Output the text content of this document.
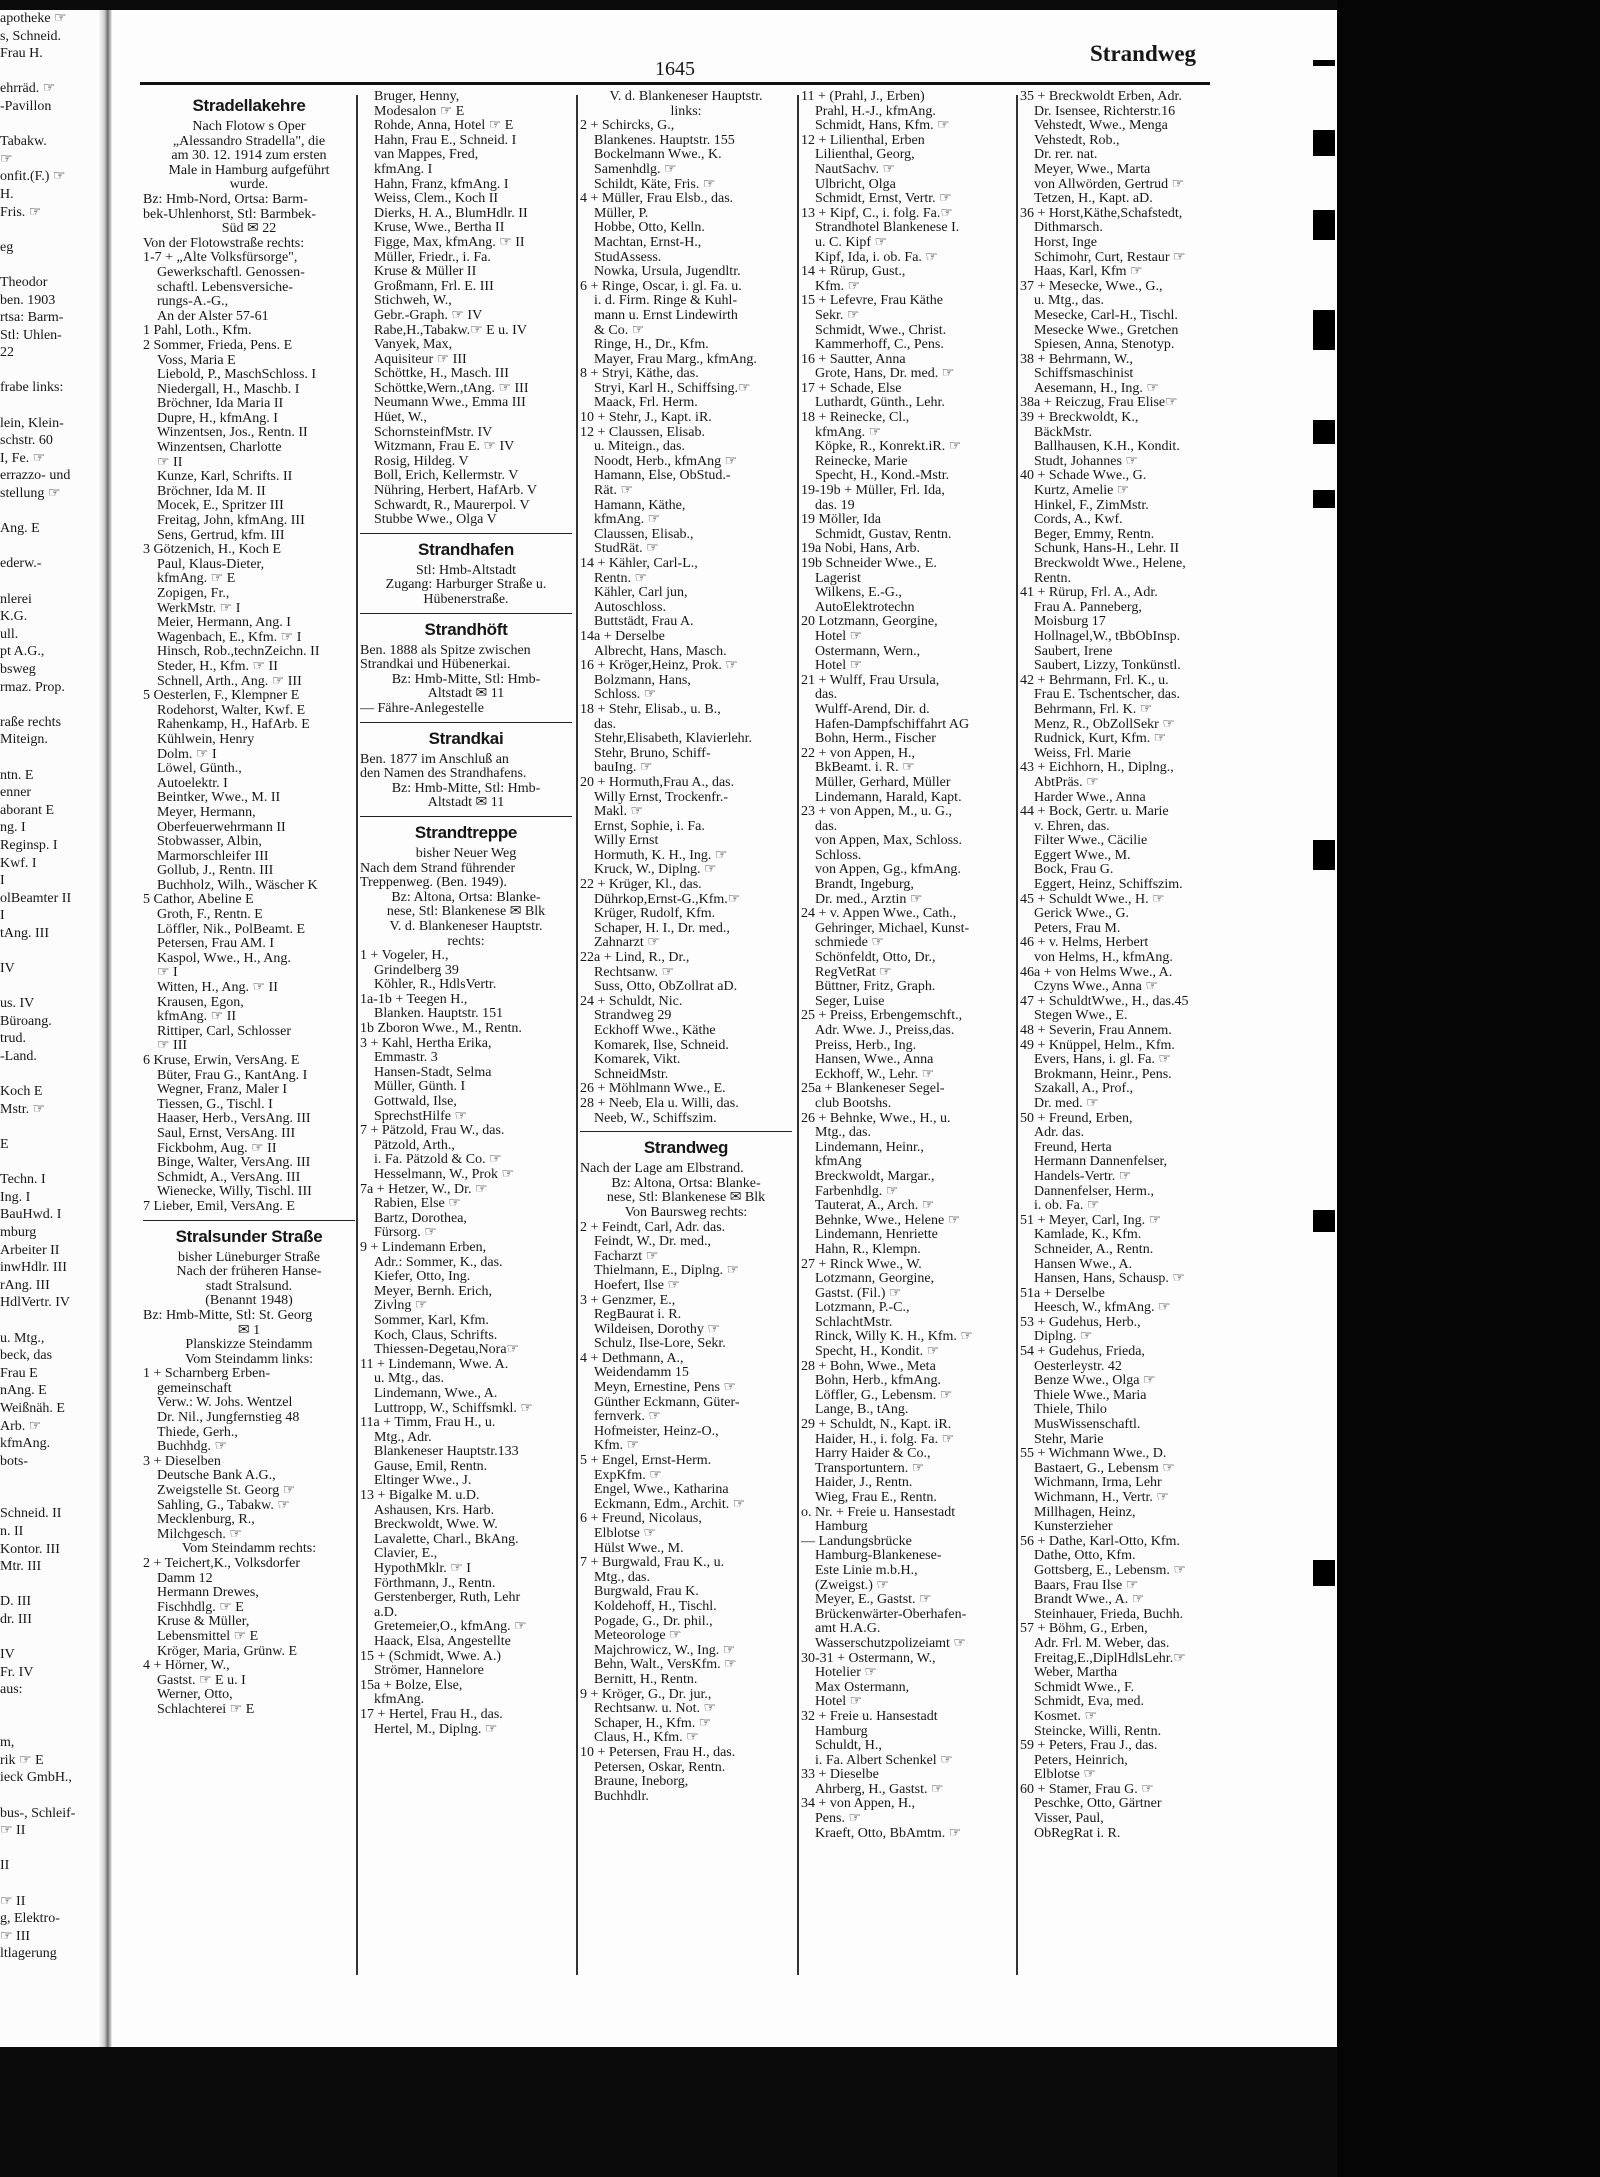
apotheke ☞
s, Schneid.
Frau H.
ehrräd. ☞
-Pavillon
Tabakw.
☞
onfit.(F.) ☞
H.
Fris. ☞
eg
Theodor
ben. 1903
rtsa: Barm-
Stl: Uhlen-
22
frabe links:
lein, Klein-
schstr. 60
I, Fe. ☞
errazzo- und
stellung ☞
Ang. E
ederw.-
nlerei
K.G.
ull.
pt A.G.,
bsweg
rmaz. Prop.
raße rechts
Miteign.
ntn. E
enner
aborant E
ng. I
Reginsp. I
Kwf. I
I
olBeamter II
I
tAng. III
IV
us. IV
Büroang.
trud.
-Land.
Koch E
Mstr. ☞
E
Techn. I
Ing. I
BauHwd. I
mburg
Arbeiter II
inwHdlr. III
rAng. III
HdlVertr. IV
u. Mtg.,
beck, das
Frau E
nAng. E
Weißnäh. E
Arb. ☞
kfmAng.
bots-
Schneid. II
n. II
Kontor. III
Mtr. III
D. III
dr. III
IV
Fr. IV
aus:
m,
rik ☞ E
ieck GmbH.,
bus-, Schleif-
☞ II
II
☞ II
g, Elektro-
☞ III
ltlagerung
1645
Strandweg
Stradellakehre
Nach Flotow s Oper
„Alessandro Stradella", die
am 30. 12. 1914 zum ersten
Male in Hamburg aufgeführt
wurde.
Bz: Hmb-Nord, Ortsa: Barm-
bek-Uhlenhorst, Stl: Barmbek-
Süd ✉ 22
Von der Flotowstraße rechts:
1-7 + „Alte Volksfürsorge",
Gewerkschaftl. Genossen-
schaftl. Lebensversiche-
rungs-A.-G.,
An der Alster 57-61
1 Pahl, Loth., Kfm.
2 Sommer, Frieda, Pens. E
Voss, Maria E
Liebold, P., MaschSchloss. I
Niedergall, H., Maschb. I
Bröchner, Ida Maria II
Dupre, H., kfmAng. I
Winzentsen, Jos., Rentn. II
Winzentsen, Charlotte
☞ II
Kunze, Karl, Schrifts. II
Bröchner, Ida M. II
Mocek, E., Spritzer III
Freitag, John, kfmAng. III
Sens, Gertrud, kfm. III
3 Götzenich, H., Koch E
Paul, Klaus-Dieter,
kfmAng. ☞ E
Zopigen, Fr.,
WerkMstr. ☞ I
Meier, Hermann, Ang. I
Wagenbach, E., Kfm. ☞ I
Hinsch, Rob.,technZeichn. II
Steder, H., Kfm. ☞ II
Schnell, Arth., Ang. ☞ III
5 Oesterlen, F., Klempner E
Rodehorst, Walter, Kwf. E
Rahenkamp, H., HafArb. E
Kühlwein, Henry
Dolm. ☞ I
Löwel, Günth.,
Autoelektr. I
Beintker, Wwe., M. II
Meyer, Hermann,
Oberfeuerwehrmann II
Stobwasser, Albin,
Marmorschleifer III
Gollub, J., Rentn. III
Buchholz, Wilh., Wäscher K
5 Cathor, Abeline E
Groth, F., Rentn. E
Löffler, Nik., PolBeamt. E
Petersen, Frau AM. I
Kaspol, Wwe., H., Ang.
☞ I
Witten, H., Ang. ☞ II
Krausen, Egon,
kfmAng. ☞ II
Rittiper, Carl, Schlosser
☞ III
6 Kruse, Erwin, VersAng. E
Büter, Frau G., KantAng. I
Wegner, Franz, Maler I
Tiessen, G., Tischl. I
Haaser, Herb., VersAng. III
Saul, Ernst, VersAng. III
Fickbohm, Aug. ☞ II
Binge, Walter, VersAng. III
Schmidt, A., VersAng. III
Wienecke, Willy, Tischl. III
7 Lieber, Emil, VersAng. E
Stralsunder Straße
bisher Lüneburger Straße
Nach der früheren Hanse-
stadt Stralsund.
(Benannt 1948)
Bz: Hmb-Mitte, Stl: St. Georg
✉ 1
Planskizze Steindamm
Vom Steindamm links:
1 + Scharnberg Erben-
gemeinschaft
Verw.: W. Johs. Wentzel
Dr. Nil., Jungfernstieg 48
Thiede, Gerh.,
Buchhdg. ☞
3 + Dieselben
Deutsche Bank A.G.,
Zweigstelle St. Georg ☞
Sahling, G., Tabakw. ☞
Mecklenburg, R.,
Milchgesch. ☞
Vom Steindamm rechts:
2 + Teichert,K., Volksdorfer
Damm 12
Hermann Drewes,
Fischhdlg. ☞ E
Kruse & Müller,
Lebensmittel ☞ E
Kröger, Maria, Grünw. E
4 + Hörner, W.,
Gastst. ☞ E u. I
Werner, Otto,
Schlachterei ☞ E
Bruger, Henny,
Modesalon ☞ E
Rohde, Anna, Hotel ☞ E
Hahn, Frau E., Schneid. I
van Mappes, Fred,
kfmAng. I
Hahn, Franz, kfmAng. I
Weiss, Clem., Koch II
Dierks, H. A., BlumHdlr. II
Kruse, Wwe., Bertha II
Figge, Max, kfmAng. ☞ II
Müller, Friedr., i. Fa.
Kruse & Müller II
Großmann, Frl. E. III
Stichweh, W.,
Gebr.-Graph. ☞ IV
Rabe,H.,Tabakw.☞ E u. IV
Vanyek, Max,
Aquisiteur ☞ III
Schöttke, H., Masch. III
Schöttke,Wern.,tAng. ☞ III
Neumann Wwe., Emma III
Hüet, W.,
SchornsteinfMstr. IV
Witzmann, Frau E. ☞ IV
Rosig, Hildeg. V
Boll, Erich, Kellermstr. V
Nühring, Herbert, HafArb. V
Schwardt, R., Maurerpol. V
Stubbe Wwe., Olga V
Strandhafen
Stl: Hmb-Altstadt
Zugang: Harburger Straße u.
Hübenerstraße.
Strandhöft
Ben. 1888 als Spitze zwischen
Strandkai und Hübenerkai.
Bz: Hmb-Mitte, Stl: Hmb-
Altstadt ✉ 11
— Fähre-Anlegestelle
Strandkai
Ben. 1877 im Anschluß an
den Namen des Strandhafens.
Bz: Hmb-Mitte, Stl: Hmb-
Altstadt ✉ 11
Strandtreppe
bisher Neuer Weg
Nach dem Strand führender
Treppenweg. (Ben. 1949).
Bz: Altona, Ortsa: Blanke-
nese, Stl: Blankenese ✉ Blk
V. d. Blankeneser Hauptstr.
rechts:
1 + Vogeler, H.,
Grindelberg 39
Köhler, R., HdlsVertr.
1a-1b + Teegen H.,
Blanken. Hauptstr. 151
1b Zboron Wwe., M., Rentn.
3 + Kahl, Hertha Erika,
Emmastr. 3
Hansen-Stadt, Selma
Müller, Günth. I
Gottwald, Ilse,
SprechstHilfe ☞
7 + Pätzold, Frau W., das.
Pätzold, Arth.,
i. Fa. Pätzold & Co. ☞
Hesselmann, W., Prok ☞
7a + Hetzer, W., Dr. ☞
Rabien, Else ☞
Bartz, Dorothea,
Fürsorg. ☞
9 + Lindemann Erben,
Adr.: Sommer, K., das.
Kiefer, Otto, Ing.
Meyer, Bernh. Erich,
Zivlng ☞
Sommer, Karl, Kfm.
Koch, Claus, Schrifts.
Thiessen-Degetau,Nora☞
11 + Lindemann, Wwe. A.
u. Mtg., das.
Lindemann, Wwe., A.
Luttropp, W., Schiffsmkl. ☞
11a + Timm, Frau H., u.
Mtg., Adr.
Blankeneser Hauptstr.133
Gause, Emil, Rentn.
Eltinger Wwe., J.
13 + Bigalke M. u.D.
Ashausen, Krs. Harb.
Breckwoldt, Wwe. W.
Lavalette, Charl., BkAng.
Clavier, E.,
HypothMklr. ☞ I
Förthmann, J., Rentn.
Gerstenberger, Ruth, Lehr
a.D.
Gretemeier,O., kfmAng. ☞
Haack, Elsa, Angestellte
15 + (Schmidt, Wwe. A.)
Strömer, Hannelore
15a + Bolze, Else,
kfmAng.
17 + Hertel, Frau H., das.
Hertel, M., Diplng. ☞
V. d. Blankeneser Hauptstr.
links:
2 + Schircks, G.,
Blankenes. Hauptstr. 155
Bockelmann Wwe., K.
Samenhdlg. ☞
Schildt, Käte, Fris. ☞
4 + Müller, Frau Elsb., das.
Müller, P.
Hobbe, Otto, Kelln.
Machtan, Ernst-H.,
StudAssess.
Nowka, Ursula, Jugendltr.
6 + Ringe, Oscar, i. gl. Fa. u.
i. d. Firm. Ringe & Kuhl-
mann u. Ernst Lindewirth
& Co. ☞
Ringe, H., Dr., Kfm.
Mayer, Frau Marg., kfmAng.
8 + Stryi, Käthe, das.
Stryi, Karl H., Schiffsing.☞
Maack, Frl. Herm.
10 + Stehr, J., Kapt. iR.
12 + Claussen, Elisab.
u. Miteign., das.
Noodt, Herb., kfmAng ☞
Hamann, Else, ObStud.-
Rät. ☞
Hamann, Käthe,
kfmAng. ☞
Claussen, Elisab.,
StudRät. ☞
14 + Kähler, Carl-L.,
Rentn. ☞
Kähler, Carl jun,
Autoschloss.
Buttstädt, Frau A.
14a + Derselbe
Albrecht, Hans, Masch.
16 + Kröger,Heinz, Prok. ☞
Bolzmann, Hans,
Schloss. ☞
18 + Stehr, Elisab., u. B.,
das.
Stehr,Elisabeth, Klavierlehr.
Stehr, Bruno, Schiff-
bauIng. ☞
20 + Hormuth,Frau A., das.
Willy Ernst, Trockenfr.-
Makl. ☞
Ernst, Sophie, i. Fa.
Willy Ernst
Hormuth, K. H., Ing. ☞
Kruck, W., Diplng. ☞
22 + Krüger, Kl., das.
Dührkop,Ernst-G.,Kfm.☞
Krüger, Rudolf, Kfm.
Schaper, H. I., Dr. med.,
Zahnarzt ☞
22a + Lind, R., Dr.,
Rechtsanw. ☞
Suss, Otto, ObZollrat aD.
24 + Schuldt, Nic.
Strandweg 29
Eckhoff Wwe., Käthe
Komarek, Ilse, Schneid.
Komarek, Vikt.
SchneidMstr.
26 + Möhlmann Wwe., E.
28 + Neeb, Ela u. Willi, das.
Neeb, W., Schiffszim.
Strandweg
Nach der Lage am Elbstrand.
Bz: Altona, Ortsa: Blanke-
nese, Stl: Blankenese ✉ Blk
Von Baursweg rechts:
2 + Feindt, Carl, Adr. das.
Feindt, W., Dr. med.,
Facharzt ☞
Thielmann, E., Diplng. ☞
Hoefert, Ilse ☞
3 + Genzmer, E.,
RegBaurat i. R.
Wildeisen, Dorothy ☞
Schulz, Ilse-Lore, Sekr.
4 + Dethmann, A.,
Weidendamm 15
Meyn, Ernestine, Pens ☞
Günther Eckmann, Güter-
fernverk. ☞
Hofmeister, Heinz-O.,
Kfm. ☞
5 + Engel, Ernst-Herm.
ExpKfm. ☞
Engel, Wwe., Katharina
Eckmann, Edm., Archit. ☞
6 + Freund, Nicolaus,
Elblotse ☞
Hülst Wwe., M.
7 + Burgwald, Frau K., u.
Mtg., das.
Burgwald, Frau K.
Koldehoff, H., Tischl.
Pogade, G., Dr. phil.,
Meteorologe ☞
Majchrowicz, W., Ing. ☞
Behn, Walt., VersKfm. ☞
Bernitt, H., Rentn.
9 + Kröger, G., Dr. jur.,
Rechtsanw. u. Not. ☞
Schaper, H., Kfm. ☞
Claus, H., Kfm. ☞
10 + Petersen, Frau H., das.
Petersen, Oskar, Rentn.
Braune, Ineborg,
Buchhdlr.
11 + (Prahl, J., Erben)
Prahl, H.-J., kfmAng.
Schmidt, Hans, Kfm. ☞
12 + Lilienthal, Erben
Lilienthal, Georg,
NautSachv. ☞
Ulbricht, Olga
Schmidt, Ernst, Vertr. ☞
13 + Kipf, C., i. folg. Fa.☞
Strandhotel Blankenese I.
u. C. Kipf ☞
Kipf, Ida, i. ob. Fa. ☞
14 + Rürup, Gust.,
Kfm. ☞
15 + Lefevre, Frau Käthe
Sekr. ☞
Schmidt, Wwe., Christ.
Kammerhoff, C., Pens.
16 + Sautter, Anna
Grote, Hans, Dr. med. ☞
17 + Schade, Else
Luthardt, Günth., Lehr.
18 + Reinecke, Cl.,
kfmAng. ☞
Köpke, R., Konrekt.iR. ☞
Reinecke, Marie
Specht, H., Kond.-Mstr.
19-19b + Müller, Frl. Ida,
das. 19
19 Möller, Ida
Schmidt, Gustav, Rentn.
19a Nobi, Hans, Arb.
19b Schneider Wwe., E.
Lagerist
Wilkens, E.-G.,
AutoElektrotechn
20 Lotzmann, Georgine,
Hotel ☞
Ostermann, Wern.,
Hotel ☞
21 + Wulff, Frau Ursula,
das.
Wulff-Arend, Dir. d.
Hafen-Dampfschiffahrt AG
Bohn, Herm., Fischer
22 + von Appen, H.,
BkBeamt. i. R. ☞
Müller, Gerhard, Müller
Lindemann, Harald, Kapt.
23 + von Appen, M., u. G.,
das.
von Appen, Max, Schloss.
Schloss.
von Appen, Gg., kfmAng.
Brandt, Ingeburg,
Dr. med., Ärztin ☞
24 + v. Appen Wwe., Cath.,
Gehringer, Michael, Kunst-
schmiede ☞
Schönfeldt, Otto, Dr.,
RegVetRat ☞
Büttner, Fritz, Graph.
Seger, Luise
25 + Preiss, Erbengemschft.,
Adr. Wwe. J., Preiss,das.
Preiss, Herb., Ing.
Hansen, Wwe., Anna
Eckhoff, W., Lehr. ☞
25a + Blankeneser Segel-
club Bootshs.
26 + Behnke, Wwe., H., u.
Mtg., das.
Lindemann, Heinr.,
kfmAng
Breckwoldt, Margar.,
Farbenhdlg. ☞
Tauterat, A., Arch. ☞
Behnke, Wwe., Helene ☞
Lindemann, Henriette
Hahn, R., Klempn.
27 + Rinck Wwe., W.
Lotzmann, Georgine,
Gastst. (Fil.) ☞
Lotzmann, P.-C.,
SchlachtMstr.
Rinck, Willy K. H., Kfm. ☞
Specht, H., Kondit. ☞
28 + Bohn, Wwe., Meta
Bohn, Herb., kfmAng.
Löffler, G., Lebensm. ☞
Lange, B., tAng.
29 + Schuldt, N., Kapt. iR.
Haider, H., i. folg. Fa. ☞
Harry Haider & Co.,
Transportuntern. ☞
Haider, J., Rentn.
Wieg, Frau E., Rentn.
o. Nr. + Freie u. Hansestadt
Hamburg
— Landungsbrücke
Hamburg-Blankenese-
Este Linie m.b.H.,
(Zweigst.) ☞
Meyer, E., Gastst. ☞
Brückenwärter-Oberhafen-
amt H.A.G.
Wasserschutzpolizeiamt ☞
30-31 + Ostermann, W.,
Hotelier ☞
Max Ostermann,
Hotel ☞
32 + Freie u. Hansestadt
Hamburg
Schuldt, H.,
i. Fa. Albert Schenkel ☞
33 + Dieselbe
Ahrberg, H., Gastst. ☞
34 + von Appen, H.,
Pens. ☞
Kraeft, Otto, BbAmtm. ☞
35 + Breckwoldt Erben, Adr.
Dr. Isensee, Richterstr.16
Vehstedt, Wwe., Menga
Vehstedt, Rob.,
Dr. rer. nat.
Meyer, Wwe., Marta
von Allwörden, Gertrud ☞
Tetzen, H., Kapt. aD.
36 + Horst,Käthe,Schafstedt,
Dithmarsch.
Horst, Inge
Schimohr, Curt, Restaur ☞
Haas, Karl, Kfm ☞
37 + Mesecke, Wwe., G.,
u. Mtg., das.
Mesecke, Carl-H., Tischl.
Mesecke Wwe., Gretchen
Spiesen, Anna, Stenotyp.
38 + Behrmann, W.,
Schiffsmaschinist
Aesemann, H., Ing. ☞
38a + Reiczug, Frau Elise☞
39 + Breckwoldt, K.,
BäckMstr.
Ballhausen, K.H., Kondit.
Studt, Johannes ☞
40 + Schade Wwe., G.
Kurtz, Amelie ☞
Hinkel, F., ZimMstr.
Cords, A., Kwf.
Beger, Emmy, Rentn.
Schunk, Hans-H., Lehr. II
Breckwoldt Wwe., Helene,
Rentn.
41 + Rürup, Frl. A., Adr.
Frau A. Panneberg,
Moisburg 17
Hollnagel,W., tBbObInsp.
Saubert, Irene
Saubert, Lizzy, Tonkünstl.
42 + Behrmann, Frl. K., u.
Frau E. Tschentscher, das.
Behrmann, Frl. K. ☞
Menz, R., ObZollSekr ☞
Rudnick, Kurt, Kfm. ☞
Weiss, Frl. Marie
43 + Eichhorn, H., Diplng.,
AbtPräs. ☞
Harder Wwe., Anna
44 + Bock, Gertr. u. Marie
v. Ehren, das.
Filter Wwe., Cäcilie
Eggert Wwe., M.
Bock, Frau G.
Eggert, Heinz, Schiffszim.
45 + Schuldt Wwe., H. ☞
Gerick Wwe., G.
Peters, Frau M.
46 + v. Helms, Herbert
von Helms, H., kfmAng.
46a + von Helms Wwe., A.
Czyns Wwe., Anna ☞
47 + SchuldtWwe., H., das.45
Stegen Wwe., E.
48 + Severin, Frau Annem.
49 + Knüppel, Helm., Kfm.
Evers, Hans, i. gl. Fa. ☞
Brokmann, Heinr., Pens.
Szakall, A., Prof.,
Dr. med. ☞
50 + Freund, Erben,
Adr. das.
Freund, Herta
Hermann Dannenfelser,
Handels-Vertr. ☞
Dannenfelser, Herm.,
i. ob. Fa. ☞
51 + Meyer, Carl, Ing. ☞
Kamlade, K., Kfm.
Schneider, A., Rentn.
Hansen Wwe., A.
Hansen, Hans, Schausp. ☞
51a + Derselbe
Heesch, W., kfmAng. ☞
53 + Gudehus, Herb.,
Diplng. ☞
54 + Gudehus, Frieda,
Oesterleystr. 42
Benze Wwe., Olga ☞
Thiele Wwe., Maria
Thiele, Thilo
MusWissenschaftl.
Stehr, Marie
55 + Wichmann Wwe., D.
Bastaert, G., Lebensm ☞
Wichmann, Irma, Lehr
Wichmann, H., Vertr. ☞
Millhagen, Heinz,
Kunsterzieher
56 + Dathe, Karl-Otto, Kfm.
Dathe, Otto, Kfm.
Gottsberg, E., Lebensm. ☞
Baars, Frau Ilse ☞
Brandt Wwe., A. ☞
Steinhauer, Frieda, Buchh.
57 + Böhm, G., Erben,
Adr. Frl. M. Weber, das.
Freitag,E.,DiplHdlsLehr.☞
Weber, Martha
Schmidt Wwe., F.
Schmidt, Eva, med.
Kosmet. ☞
Steincke, Willi, Rentn.
59 + Peters, Frau J., das.
Peters, Heinrich,
Elblotse ☞
60 + Stamer, Frau G. ☞
Peschke, Otto, Gärtner
Visser, Paul,
ObRegRat i. R.
